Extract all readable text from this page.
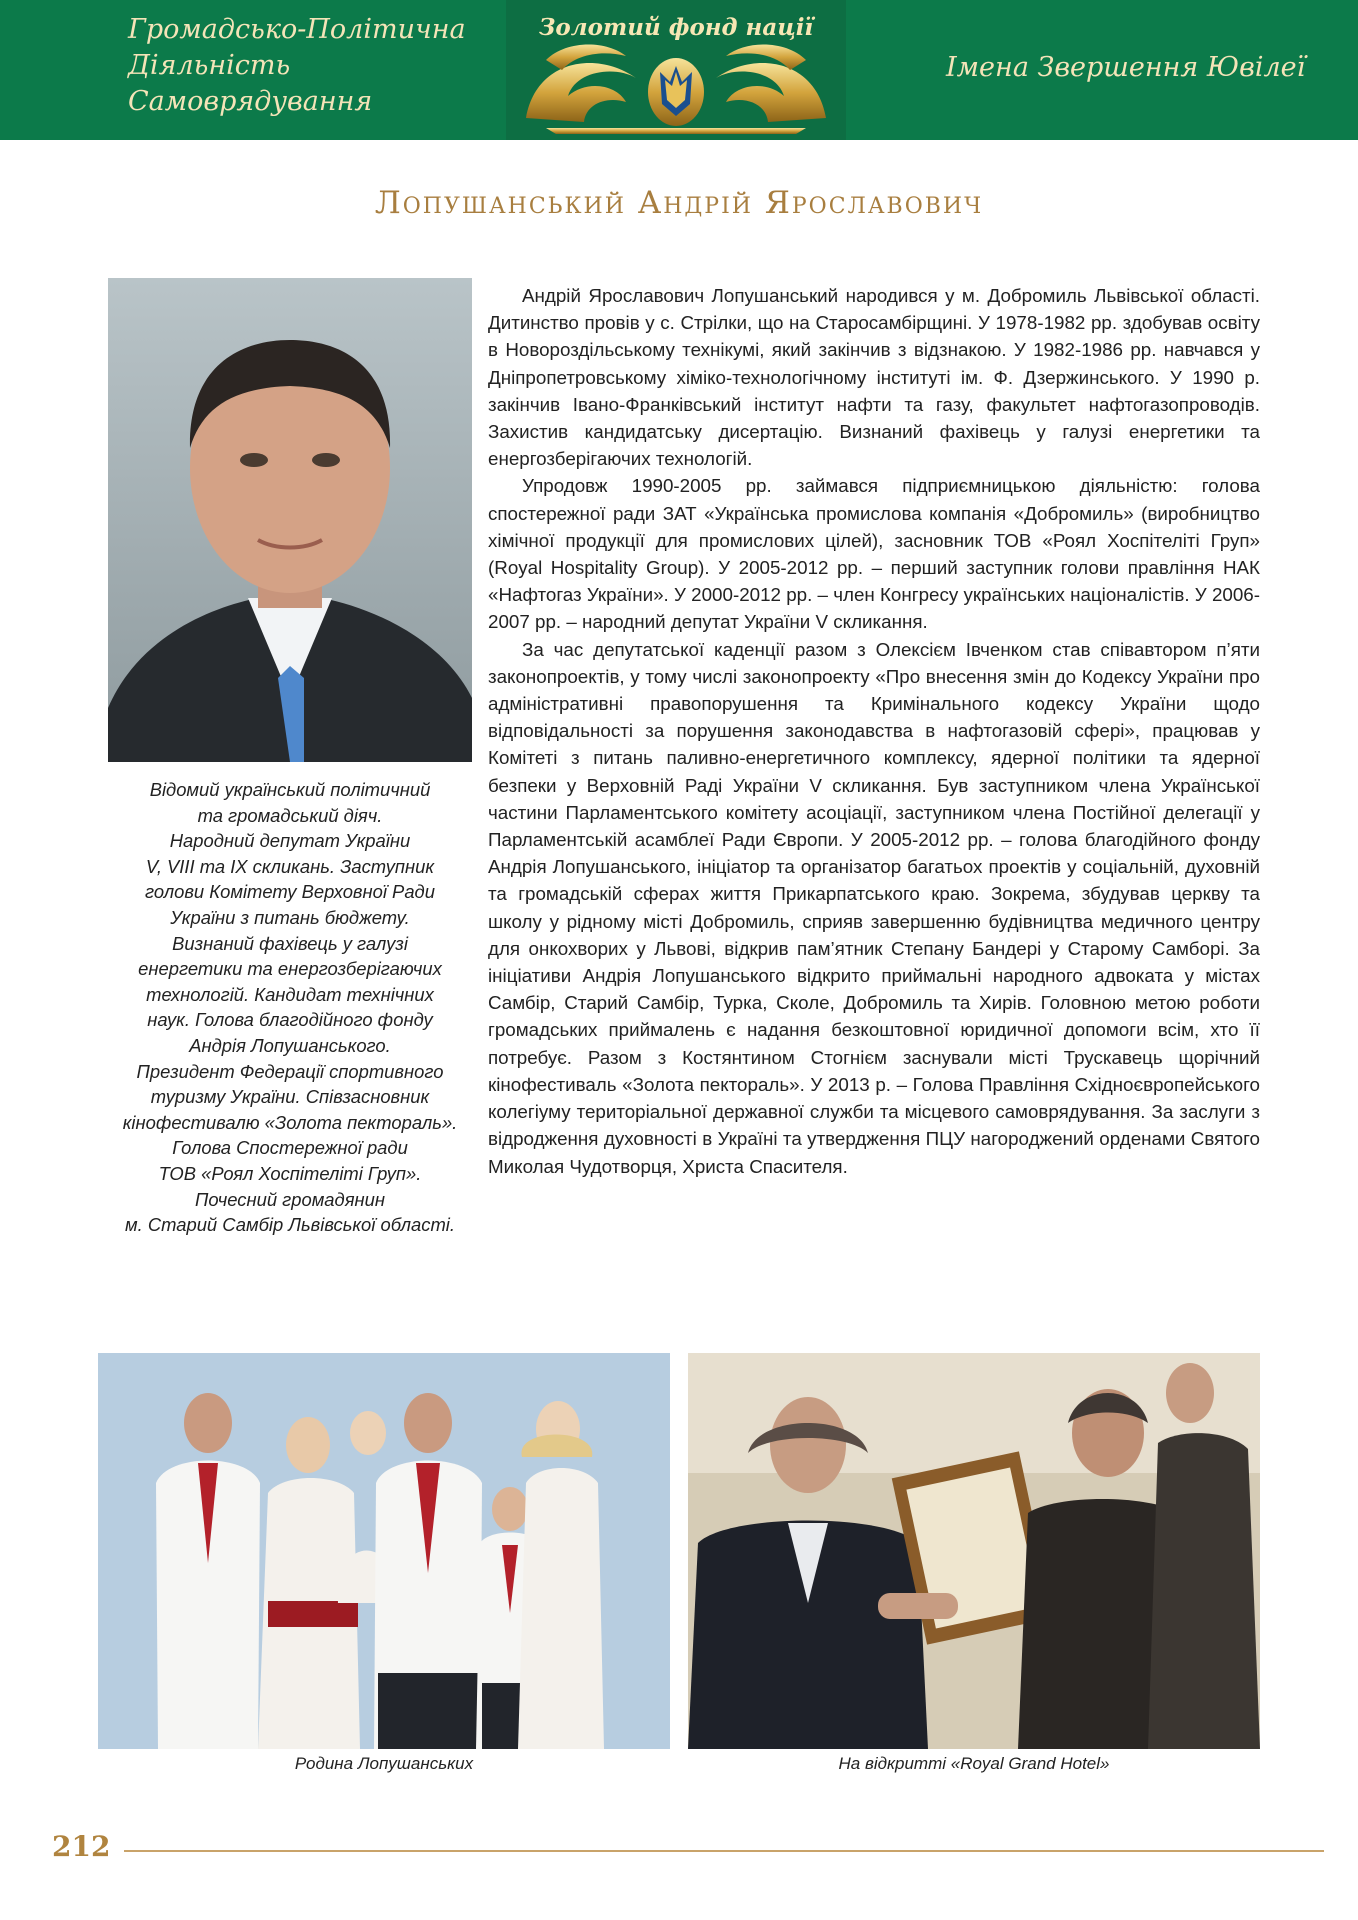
Громадсько-Політична
Діяльність
Самоврядування
Золотий фонд нації
Імена Звершення Ювілеї
Лопушанський Андрій Ярославович
Відомий український політичний
та громадський діяч.
Народний депутат України
V, VIII та IX скликань. Заступник
голови Комітету Верховної Ради
України з питань бюджету.
Визнаний фахівець у галузі
енергетики та енергозберігаючих
технологій. Кандидат технічних
наук. Голова благодійного фонду
Андрія Лопушанського.
Президент Федерації спортивного
туризму України. Співзасновник
кінофестивалю «Золота пектораль».
Голова Спостережної ради
ТОВ «Роял Хоспітеліті Груп».
Почесний громадянин
м. Старий Самбір Львівської області.

Андрій Ярославович Лопушанський народився у м. Добромиль Львівської області. Дитинство провів у с. Стрілки, що на Старосамбірщині. У 1978-1982 рр. здобував освіту в Новороздільському технікумі, який закінчив з відзнакою. У 1982-1986 рр. навчався у Дніпропетровському хіміко-технологічному інституті ім. Ф. Дзержинського. У 1990 р. закінчив Івано-Франківський інститут нафти та газу, факультет нафтогазопроводів. Захистив кандидатську дисертацію. Визнаний фахівець у галузі енергетики та енергозберігаючих технологій.

Упродовж 1990-2005 рр. займався підприємницькою діяльністю: голова спостережної ради ЗАТ «Українська промислова компанія «Добромиль» (виробництво хімічної продукції для промислових цілей), засновник ТОВ «Роял Хоспітеліті Груп» (Royal Hospitality Group). У 2005-2012 рр. – перший заступник голови правління НАК «Нафтогаз України». У 2000-2012 рр. – член Конгресу українських націоналістів. У 2006-2007 рр. – народний депутат України V скликання.

За час депутатської каденції разом з Олексієм Івченком став співавтором п’яти законопроектів, у тому числі законопроекту «Про внесення змін до Кодексу України про адміністративні правопорушення та Кримінального кодексу України щодо відповідальності за порушення законодавства в нафтогазовій сфері», працював у Комітеті з питань паливно-енергетичного комплексу, ядерної політики та ядерної безпеки у Верховній Раді України V скликання. Був заступником члена Української частини Парламентського комітету асоціації, заступником члена Постійної делегації у Парламентській асамблеї Ради Європи. У 2005-2012 рр. – голова благодійного фонду Андрія Лопушанського, ініціатор та організатор багатьох проектів у соціальній, духовній та громадській сферах життя Прикарпатського краю. Зокрема, збудував церкву та школу у рідному місті Добромиль, сприяв завершенню будівництва медичного центру для онкохворих у Львові, відкрив пам’ятник Степану Бандері у Старому Самборі. За ініціативи Андрія Лопушанського відкрито приймальні народного адвоката у містах Самбір, Старий Самбір, Турка, Сколе, Добромиль та Хирів. Головною метою роботи громадських приймалень є надання безкоштовної юридичної допомоги всім, хто її потребує. Разом з Костянтином Стогнієм заснували місті Трускавець щорічний кінофестиваль «Золота пектораль». У 2013 р. – Голова Правління Східноєвропейського колегіуму територіальної державної служби та місцевого самоврядування. За заслуги з відродження духовності в Україні та утвердження ПЦУ нагороджений орденами Святого Миколая Чудотворця, Христа Спасителя.

Родина Лопушанських	На відкритті «Royal Grand Hotel»
212
